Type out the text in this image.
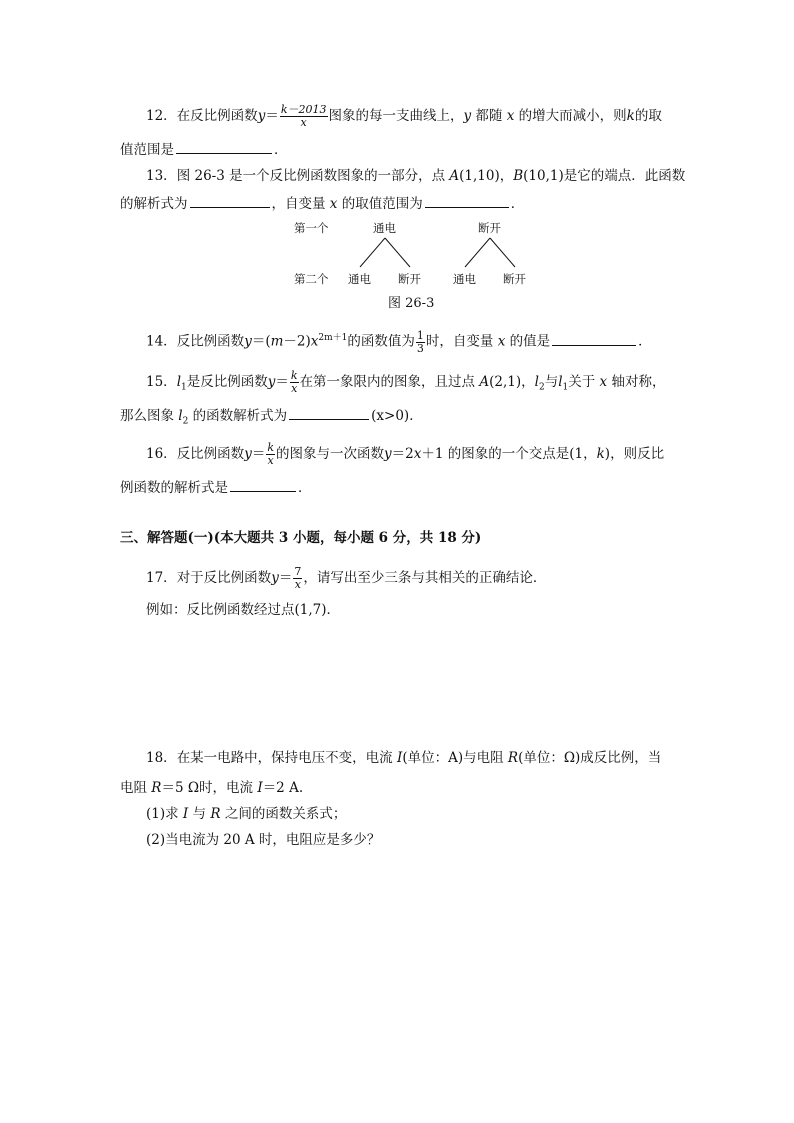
12．在反比例函数$y= \frac{k-2013}{x}$ 图象的每一支曲线上，y 都随 x 的增大而减小，则k的取
值范围是	．
13．图 26-3 是一个反比例函数图象的一部分，点 A(1,10)，B(10,1)是它的端点．此函数
的解析式为	，自变量 x 的取值范围为	．
第一个	通电	断开
第二个 通电 断开	通电 断开
图 26-3
14．反比例函数$y=(m-2)x^{2m+1}$的函数值为 $\frac{1}{3}$ 时，自变量 x 的值是	．
15．$l_1$是反比例函数$y= \frac{k}{x}$ 在第一象限内的图象，且过点 A(2,1)，$l_2$与$l_1$关于 x 轴对称，
那么图象 $l_2$ 的函数解析式为	(x>0)．
16．反比例函数$y= \frac{k}{x}$ 的图象与一次函数y＝2x＋1 的图象的一个交点是(1，k)，则反比
例函数的解析式是	．
三、解答题(一)(本大题共 3 小题，每小题 6 分，共 18 分)
17．对于反比例函数$y= \frac{7}{x}$ ，请写出至少三条与其相关的正确结论．
例如：反比例函数经过点(1,7)．
18．在某一电路中，保持电压不变，电流 I(单位：A)与电阻 R(单位：Ω)成反比例，当
电阻 R＝5 Ω时，电流 I＝2 A.
(1)求 I 与 R 之间的函数关系式；
(2)当电流为 20 A 时，电阻应是多少？
